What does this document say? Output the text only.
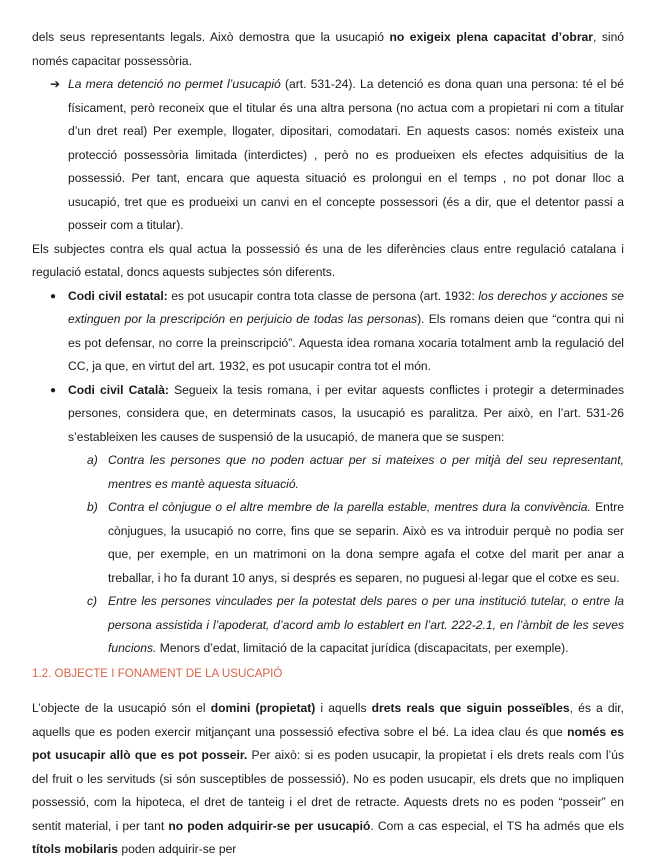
dels seus representants legals. Això demostra que la usucapió no exigeix plena capacitat d’obrar, sinó només capacitar possessòria.

➔ La mera detenció no permet l’usucapió (art. 531-24). La detenció es dona quan una persona: té el bé físicament, però reconeix que el titular és una altra persona (no actua com a propietari ni com a titular d’un dret real) Per exemple, llogater, dipositari, comodatari. En aquests casos: només existeix una protecció possessòria limitada (interdictes) , però no es produeixen els efectes adquisitius de la possessió. Per tant, encara que aquesta situació es prolongui en el temps , no pot donar lloc a usucapió, tret que es produeixi un canvi en el concepte possessori (és a dir, que el detentor passi a posseir com a titular).

Els subjectes contra els qual actua la possessió és una de les diferències claus entre regulació catalana i regulació estatal, doncs aquests subjectes són diferents.

● Codi civil estatal: es pot usucapir contra tota classe de persona (art. 1932: los derechos y acciones se extinguen por la prescripción en perjuicio de todas las personas). Els romans deien que “contra qui ni es pot defensar, no corre la preinscripció”. Aquesta idea romana xocaria totalment amb la regulació del CC, ja que, en virtut del art. 1932, es pot usucapir contra tot el món.

● Codi civil Català: Segueix la tesis romana, i per evitar aquests conflictes i protegir a determinades persones, considera que, en determinats casos, la usucapió es paralitza. Per això, en l’art. 531-26 s’estableixen les causes de suspensió de la usucapió, de manera que se suspen:

a) Contra les persones que no poden actuar per si mateixes o per mitjà del seu representant, mentres es mantè aquesta situació.

b) Contra el cònjugue o el altre membre de la parella estable, mentres dura la convivència. Entre cònjugues, la usucapió no corre, fins que se separin. Això es va introduir perquè no podia ser que, per exemple, en un matrimoni on la dona sempre agafa el cotxe del marit per anar a treballar, i ho fa durant 10 anys, si després es separen, no puguesi al·legar que el cotxe es seu.

c) Entre les persones vinculades per la potestat dels pares o per una institució tutelar, o entre la persona assistida i l’apoderat, d’acord amb lo establert en l’art. 222-2.1, en l’àmbit de les seves funcions. Menors d’edat, limitació de la capacitat jurídica (discapacitats, per exemple).

1.2. OBJECTE I FONAMENT DE LA USUCAPIÓ

L’objecte de la usucapió són el domini (propietat) i aquells drets reals que siguin posseïbles, és a dir, aquells que es poden exercir mitjançant una possessió efectiva sobre el bé. La idea clau és que només es pot usucapir allò que es pot posseir. Per això: si es poden usucapir, la propietat i els drets reals com l’ús del fruit o les servituds (si són susceptibles de possessió). No es poden usucapir, els drets que no impliquen possessió, com la hipoteca, el dret de tanteig i el dret de retracte. Aquests drets no es poden “posseir” en sentit material, i per tant no poden adquirir-se per usucapió. Com a cas especial, el TS ha admés que els títols mobilaris poden adquirir-se per
